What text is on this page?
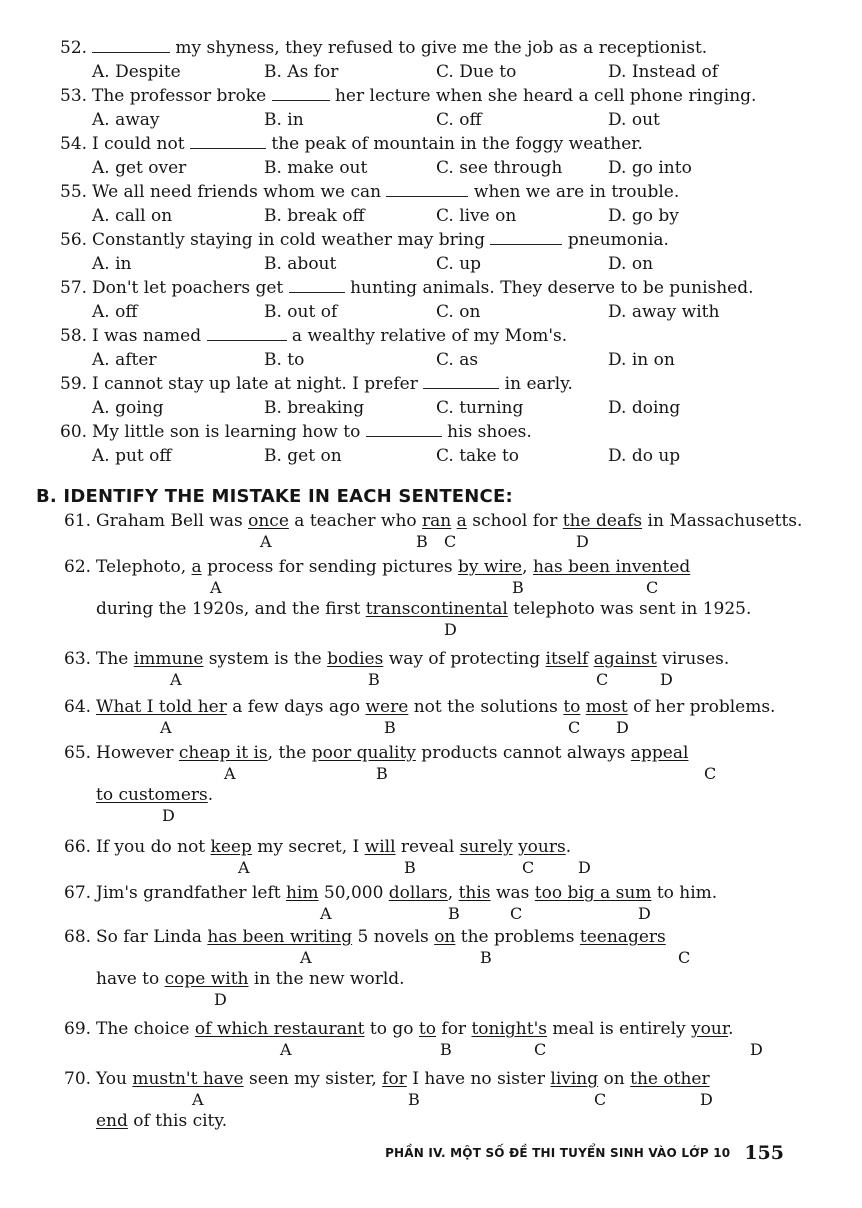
52.	my shyness, they refused to give me the job as a receptionist.
A. Despite	B. As for	C. Due to	D. Instead of
53. The professor broke	her lecture when she heard a cell phone ringing.
A. away	B. in	C. off	D. out
54. I could not	the peak of mountain in the foggy weather.
A. get over	B. make out	C. see through	D. go into
55. We all need friends whom we can	when we are in trouble.
A. call on	B. break off	C. live on	D. go by
56. Constantly staying in cold weather may bring	pneumonia.
A. in	B. about	C. up	D. on
57. Don't let poachers get	hunting animals. They deserve to be punished.
A. off	B. out of	C. on	D. away with
58. I was named	a wealthy relative of my Mom's.
A. after	B. to	C. as	D. in on
59. I cannot stay up late at night. I prefer	in early.
A. going	B. breaking	C. turning	D. doing
60. My little son is learning how to	his shoes.
A. put off	B. get on	C. take to	D. do up
B. IDENTIFY THE MISTAKE IN EACH SENTENCE:
61. Graham Bell was once a teacher who ran a school for the deafs in Massachusetts.
A	B C	D
62. Telephoto, a process for sending pictures by wire, has been invented
A	B	C
during the 1920s, and the first transcontinental telephoto was sent in 1925.
D
63. The immune system is the bodies way of protecting itself against viruses.
A	B	C	D
64. What I told her a few days ago were not the solutions to most of her problems.
A	B	C D
65. However cheap it is, the poor quality products cannot always appeal
A	B	C
to customers.
D
66. If you do not keep my secret, I will reveal surely yours.
A	B	C	D
67. Jim's grandfather left him 50,000 dollars, this was too big a sum to him.
A	B	C	D
68. So far Linda has been writing 5 novels on the problems teenagers
A	B	C
have to cope with in the new world.
D
69. The choice of which restaurant to go to for tonight's meal is entirely your.
A	B	C	D
70. You mustn't have seen my sister, for I have no sister living on the other
A	B	C	D
end of this city.
PHẦN IV. MỘT SỐ ĐỀ THI TUYỂN SINH VÀO LỚP 10 155
